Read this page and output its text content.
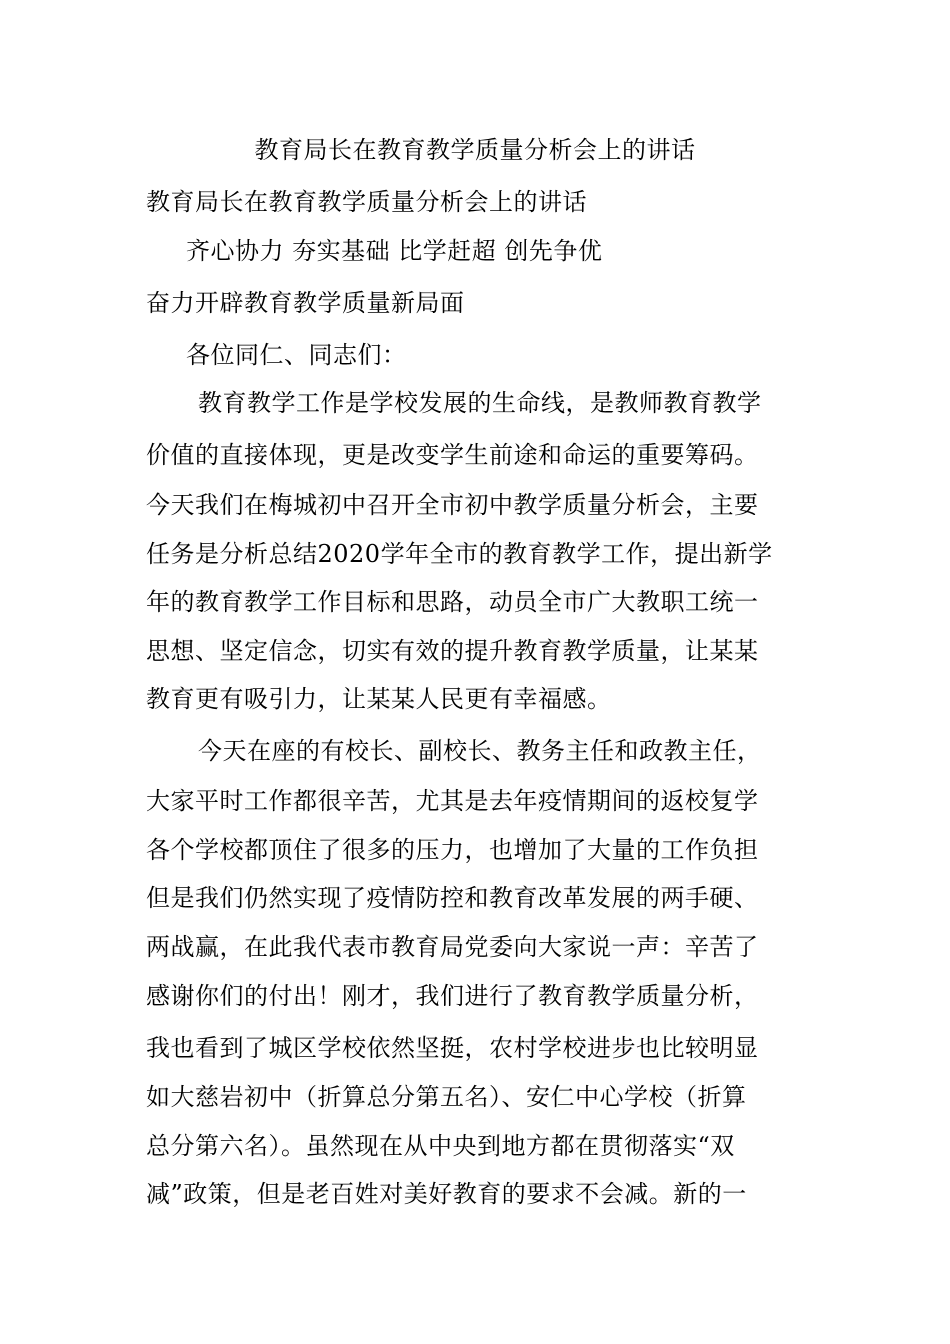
教育局长在教育教学质量分析会上的讲话
教育局长在教育教学质量分析会上的讲话
齐心协力 夯实基础 比学赶超 创先争优
奋力开辟教育教学质量新局面
各位同仁、同志们：
教育教学工作是学校发展的生命线，是教师教育教学
价值的直接体现，更是改变学生前途和命运的重要筹码。
今天我们在梅城初中召开全市初中教学质量分析会，主要
任务是分析总结2020学年全市的教育教学工作，提出新学
年的教育教学工作目标和思路，动员全市广大教职工统一
思想、坚定信念，切实有效的提升教育教学质量，让某某
教育更有吸引力，让某某人民更有幸福感。
今天在座的有校长、副校长、教务主任和政教主任，
大家平时工作都很辛苦，尤其是去年疫情期间的返校复学
各个学校都顶住了很多的压力，也增加了大量的工作负担
但是我们仍然实现了疫情防控和教育改革发展的两手硬、
两战赢，在此我代表市教育局党委向大家说一声：辛苦了
感谢你们的付出！刚才，我们进行了教育教学质量分析，
我也看到了城区学校依然坚挺，农村学校进步也比较明显
如大慈岩初中（折算总分第五名）、安仁中心学校（折算
总分第六名）。虽然现在从中央到地方都在贯彻落实“双
减”政策，但是老百姓对美好教育的要求不会减。新的一
